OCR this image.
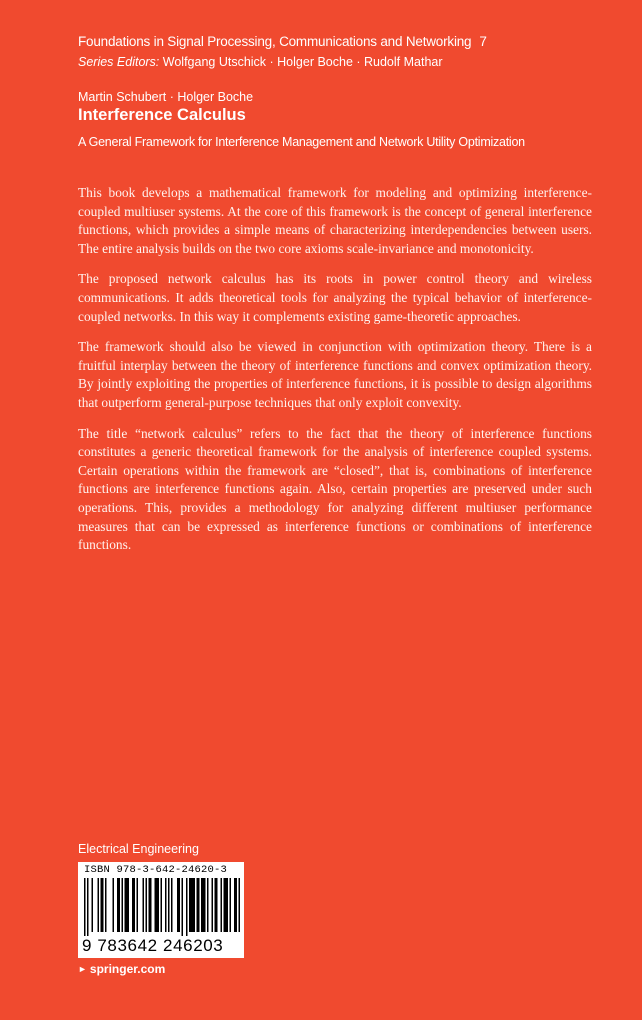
Foundations in Signal Processing, Communications and Networking 7
Series Editors: Wolfgang Utschick · Holger Boche · Rudolf Mathar
Martin Schubert · Holger Boche
Interference Calculus
A General Framework for Interference Management and Network Utility Optimization

This book develops a mathematical framework for modeling and optimizing interference-coupled multiuser systems. At the core of this framework is the concept of general interference functions, which provides a simple means of characterizing interdependencies between users. The entire analysis builds on the two core axioms scale-invariance and monotonicity.

The proposed network calculus has its roots in power control theory and wireless communications. It adds theoretical tools for analyzing the typical behavior of interference-coupled networks. In this way it complements existing game-theoretic approaches.

The framework should also be viewed in conjunction with optimization theory. There is a fruitful interplay between the theory of interference functions and convex optimization theory. By jointly exploiting the properties of interference functions, it is possible to design algorithms that outperform general-purpose techniques that only exploit convexity.

The title “network calculus” refers to the fact that the theory of interference functions constitutes a generic theoretical framework for the analysis of interference coupled systems. Certain operations within the framework are “closed”, that is, combinations of interference functions are interference functions again. Also, certain properties are preserved under such operations. This, provides a methodology for analyzing different multiuser performance measures that can be expressed as interference functions or combinations of interference functions.

Electrical Engineering
ISBN 978-3-642-24620-3
9 783642 246203
► springer.com
